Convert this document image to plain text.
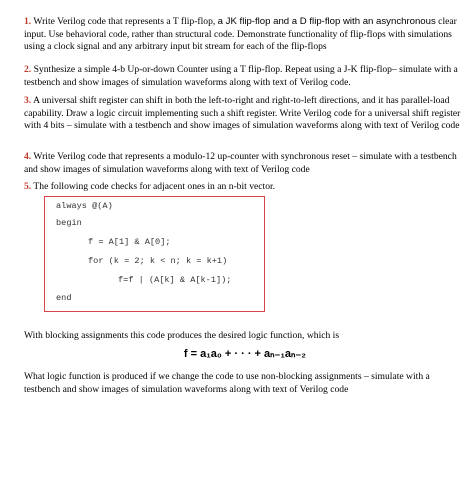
1. Write Verilog code that represents a T flip-flop, a JK flip-flop and a D flip-flop with an asynchronous clear input. Use behavioral code, rather than structural code. Demonstrate functionality of flip-flops with simulations using a clock signal and any arbitrary input bit stream for each of the flip-flops
2. Synthesize a simple 4-b Up-or-down Counter using a T flip-flop. Repeat using a J-K flip-flop– simulate with a testbench and show images of simulation waveforms along with text of Verilog code.
3. A universal shift register can shift in both the left-to-right and right-to-left directions, and it has parallel-load capability. Draw a logic circuit implementing such a shift register. Write Verilog code for a universal shift register with 4 bits – simulate with a testbench and show images of simulation waveforms along with text of Verilog code
4. Write Verilog code that represents a modulo-12 up-counter with synchronous reset – simulate with a testbench and show images of simulation waveforms along with text of Verilog code
5. The following code checks for adjacent ones in an n-bit vector.
always @(A)
begin
f = A[1] & A[0];
for (k = 2; k < n; k = k+1)
f=f | (A[k] & A[k-1]);
end
With blocking assignments this code produces the desired logic function, which is
f = a₁a₀ + · · · + aₙ₋₁aₙ₋₂
What logic function is produced if we change the code to use non-blocking assignments – simulate with a testbench and show images of simulation waveforms along with text of Verilog code
